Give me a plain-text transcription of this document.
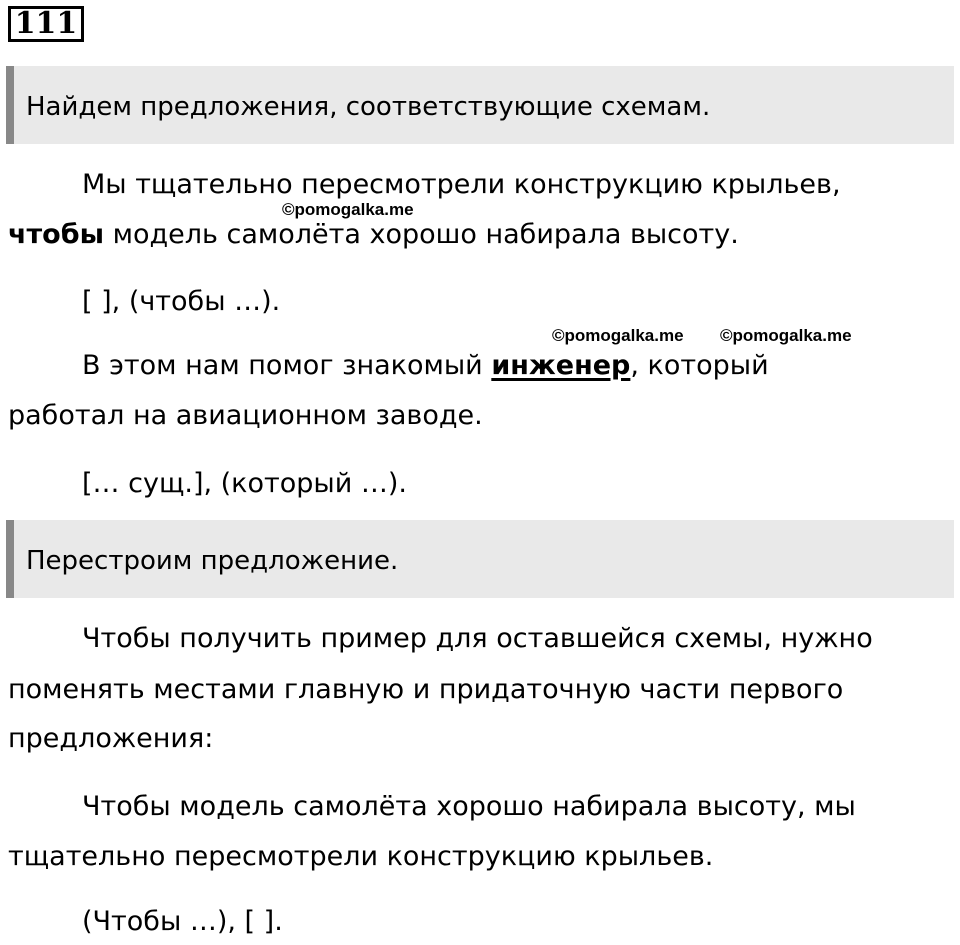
111
Найдем предложения, соответствующие схемам.
Мы тщательно пересмотрели конструкцию крыльев,
©pomogalka.me
чтобы модель самолёта хорошо набирала высоту.
[ ], (чтобы …).
©pomogalka.me ©pomogalka.me
В этом нам помог знакомый инженер, который
работал на авиационном заводе.
[… сущ.], (который …).
Перестроим предложение.
Чтобы получить пример для оставшейся схемы, нужно
поменять местами главную и придаточную части первого
предложения:
Чтобы модель самолёта хорошо набирала высоту, мы
тщательно пересмотрели конструкцию крыльев.
(Чтобы …), [ ].
